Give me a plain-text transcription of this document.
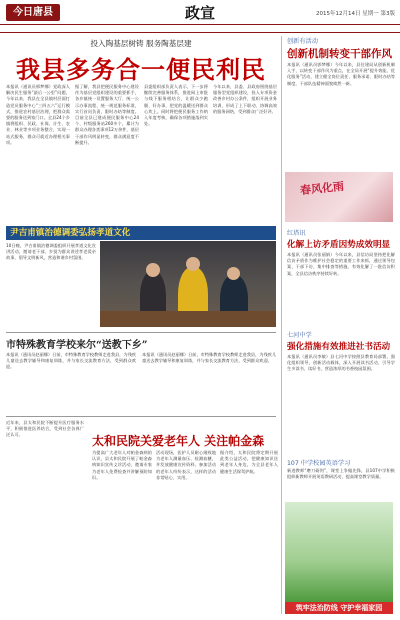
今日唐县	政宣	2015年12月14日 星期一 第3版
投入陶基层树铸 服务陶基层建
我县多务合一便民利民
本报讯（通讯员邢梦娜）党政深人解决民生服务“最后一公里”问题，今年以来，我县在全县镇村层面打造党员服务中心“三四五六”运行模式，推进农村基层治理，把群众需要的服务送到家门口。全县24个乡镇将组织、民政、社保、计生、农业、林业等多项业务整合，实现一站式服务，群众可就近办理相关事项。
据了解，我县把便民服务中心建设作为基层党组织建设的重要抓手，各乡镇统一设置服务大厅、统一公示办事流程、统一规范服务标准，实行首问负责、限时办结等制度。目前全县已建成便民服务中心24个、村级服务站260多个，累计为群众办理各类事项12万余件，基层干部作风明显转变，群众满意度不断提升。
县委组织部负责人表示，下一步将继续完善服务体系，推进网上审批与线下服务相结合，让群众少跑腿、好办事，把党的温暖送到群众心坎上。同时将把便民服务工作纳入年度考核，确保各项措施落到实处。
今年以来，县委、县政府围绕基层服务型党组织建设，投入专项资金改善乡村办公条件，组织开展业务培训，形成了上下联动、协调高效的服务网络，受到群众广泛好评。
创新有活动
创新机制转变干部作风
本报讯（通讯员郭梦娜）今年以来，县住建局从创新机制入手，以转变干部作风为重点，在全局开展“提升效能、优化服务”活动，建立健全岗位责任、服务承诺、限时办结等制度，干部队伍精神面貌焕然一新。
春风化雨
尹吉甫镇治德调委弘扬孝道文化
10日晚，尹吉甫镇治德调委组织开展孝道文化宣讲活动，邀请老干部、乡贤为群众讲述孝老爱亲故事，倡导文明新风，营造和谐乡村氛围。
红塔讯
化解上访矛盾因势成效明显
本报讯（通讯员张丽娟）今年以来，县信访局坚持把化解信访矛盾作为维护社会稳定的重要工作来抓，通过领导包案、干部下访、集中排查等措施，有效化解了一批信访积案，全县信访秩序持续好转。
市特殊教育学校来尔“送教下乡”
本报讯（通讯员赵丽娜）日前，市特殊教育学校教师走进我县，为残疾儿童送去教学辅导和康复训练，并与家长交流教育方法，受到群众欢迎。
本报讯（通讯员赵丽娜）日前，市特殊教育学校教师走进我县，为残疾儿童送去教学辅导和康复训练，并与家长交流教育方法，受到群众欢迎。
七河中学
强化措施有效推进社书活动
本报讯（通讯员李敏）县七河中学按照县教育局部署，强化组织领导，创新活动载体，深入开展读书活动，引导学生多读书、读好书，营造浓厚的书香校园氛围。
近年来，县太和民院不断提升医疗服务水平，积极推进医养结合，受到社会各界广泛认可。	太和民院关爱老年人 关注帕金森
为提高广大老年人对帕金森病的认识，县太和民院开展了帕金森病知识宣传义诊活动，邀请专家为老年人免费检查并讲解预防知识。
活动现场，医护人员耐心细致地为老年人测量血压、检测血糖，并发放健康宣传资料。参加活动的老年人纷纷表示，这样的活动非常贴心、实用。
据介绍，太和民院将定期开展此类公益活动，把健康知识送到老年人身边，为全县老年人健康生活保驾护航。
107 中学校园英语学习
新进教师“磨刀砺剑”，课堂上争做先锋，县107中学积极组织新教师开展英语教研活动，提高课堂教学质量。
筑牢法治防线 守护幸福家园
